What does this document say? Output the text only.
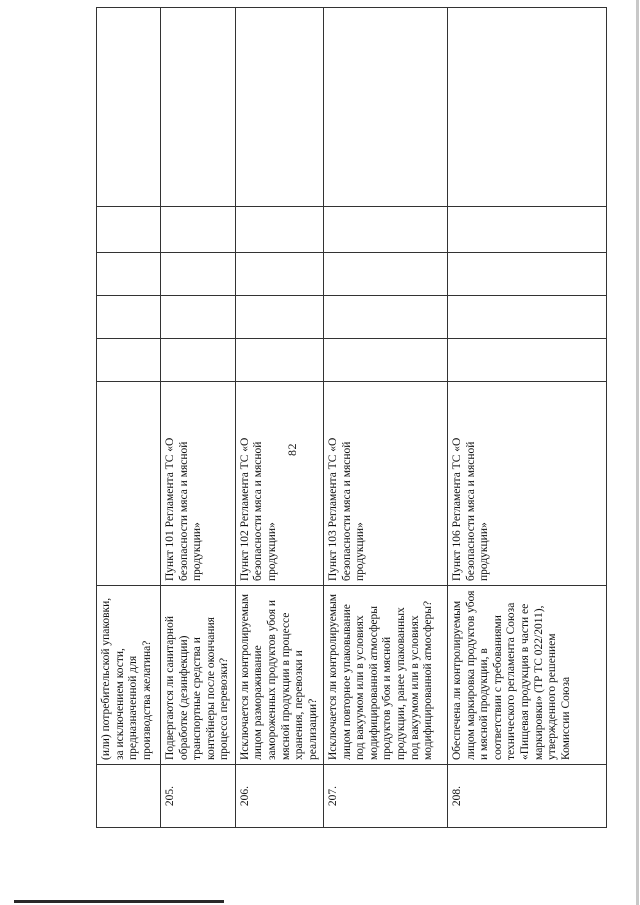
82
	(или) потребительской упаковки, за исключением кости, предназначенной для производства желатина?						
205.	Подвергаются ли санитарной обработке (дезинфекции) транспортные средства и контейнеры после окончания процесса перевозки?	Пункт 101 Регламента ТС «О безопасности мяса и мясной продукции»					
206.	Исключается ли контролируемым лицом размораживание замороженных продуктов убоя и мясной продукции в процессе хранения, перевозки и реализации?	Пункт 102 Регламента ТС «О безопасности мяса и мясной продукции»					
207.	Исключается ли контролируемым лицом повторное упаковывание под вакуумом или в условиях модифицированной атмосферы продуктов убоя и мясной продукции, ранее упакованных под вакуумом или в условиях модифицированной атмосферы?	Пункт 103 Регламента ТС «О безопасности мяса и мясной продукции»					
208.	Обеспечена ли контролируемым лицом маркировка продуктов убоя и мясной продукции, в соответствии с требованиями технического регламента Союза «Пищевая продукция в части ее маркировки» (ТР ТС 022/2011), утвержденного решением Комиссии Союза	Пункт 106 Регламента ТС «О безопасности мяса и мясной продукции»					
